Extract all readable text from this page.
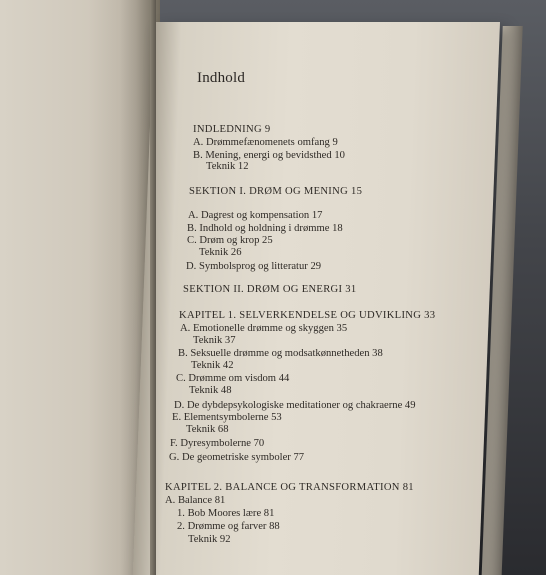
Indhold
INDLEDNING 9
A. Drømmefænomenets omfang 9
B. Mening, energi og bevidsthed 10
Teknik 12
SEKTION I. DRØM OG MENING 15
A. Dagrest og kompensation 17
B. Indhold og holdning i drømme 18
C. Drøm og krop 25
Teknik 26
D. Symbolsprog og litteratur 29
SEKTION II. DRØM OG ENERGI 31
KAPITEL 1. SELVERKENDELSE OG UDVIKLING 33
A. Emotionelle drømme og skyggen 35
Teknik 37
B. Seksuelle drømme og modsatkønnetheden 38
Teknik 42
C. Drømme om visdom 44
Teknik 48
D. De dybdepsykologiske meditationer og chakraerne 49
E. Elementsymbolerne 53
Teknik 68
F. Dyresymbolerne 70
G. De geometriske symboler 77
KAPITEL 2. BALANCE OG TRANSFORMATION 81
A. Balance 81
1. Bob Moores lære 81
2. Drømme og farver 88
Teknik 92
